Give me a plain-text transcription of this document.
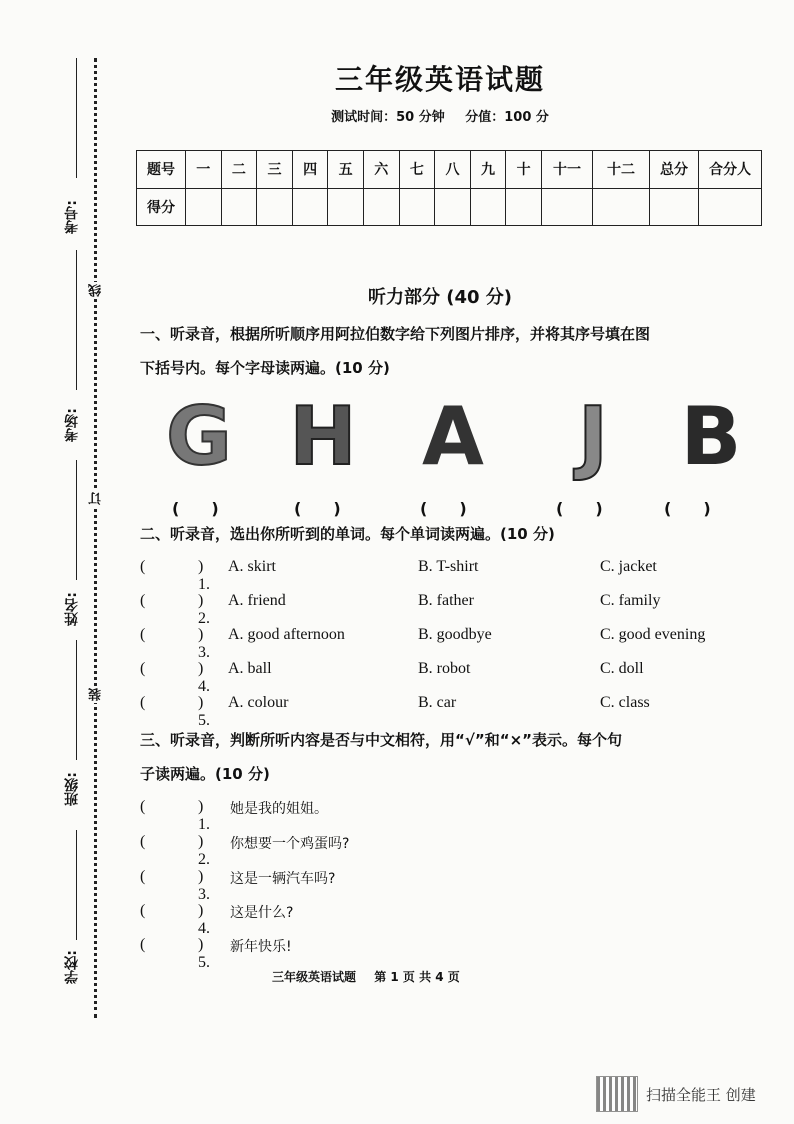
考号:
考场:
姓名:
班级:
学校:
线
订
装
三年级英语试题
测试时间：50 分钟 分值：100 分
题号	一	二	三	四	五	六	七	八	九	十	十一	十二	总分	合分人
得分														
听力部分 (40 分)
一、听录音，根据所听顺序用阿拉伯数字给下列图片排序，并将其序号填在图
下括号内。每个字母读两遍。(10 分)
G H A J B
(　　)	(　　)	(　　)	(　　)	(　　)
二、听录音，选出你所听到的单词。每个单词读两遍。(10 分)
(	) 1.
A. skirt	B. T-shirt	C. jacket
(	) 2.
A. friend	B. father	C. family
(	) 3.
A. good afternoon	B. goodbye	C. good evening
(	) 4.
A. ball	B. robot	C. doll
(	) 5.
A. colour	B. car	C. class
三、听录音，判断所听内容是否与中文相符，用“√”和“×”表示。每个句
子读两遍。(10 分)
(	) 1.
她是我的姐姐。
(	) 2.
你想要一个鸡蛋吗?
(	) 3.
这是一辆汽车吗?
(	) 4.
这是什么?
(	) 5.
新年快乐!
三年级英语试题 第 1 页 共 4 页
扫描全能王 创建
